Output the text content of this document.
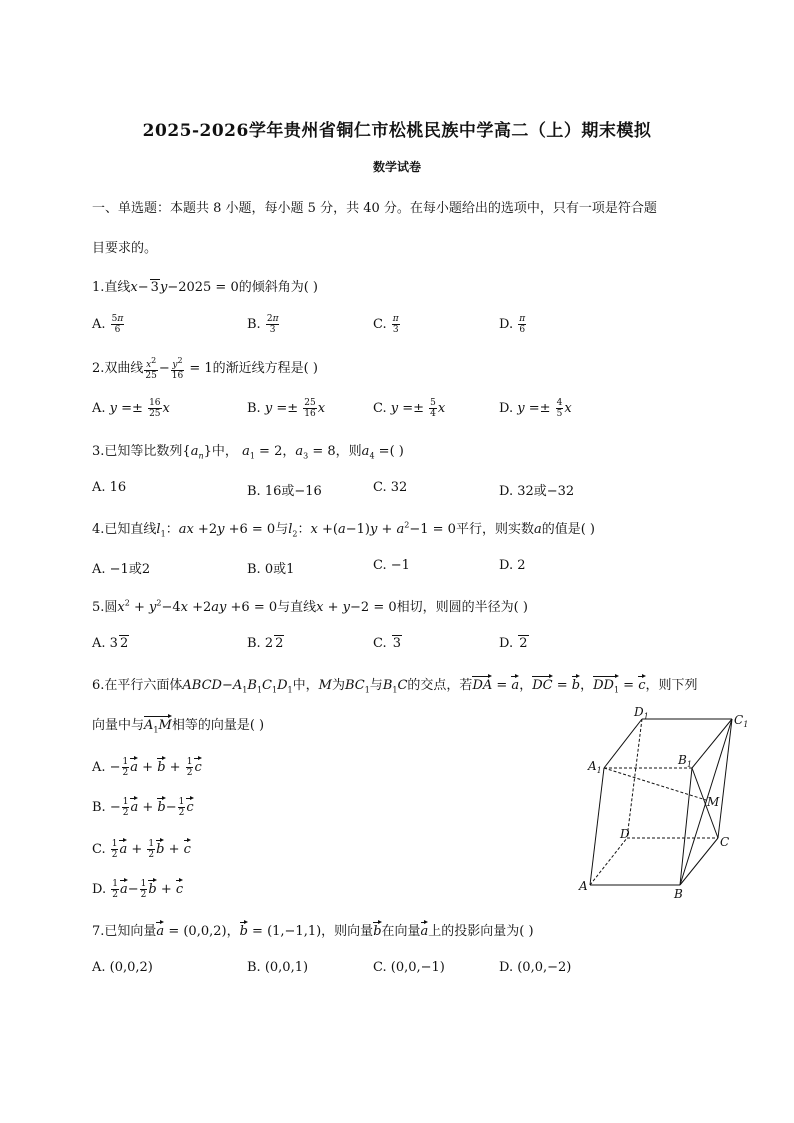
2025-2026学年贵州省铜仁市松桃民族中学高二（上）期末模拟
数学试卷
一、单选题：本题共 8 小题，每小题 5 分，共 40 分。在每小题给出的选项中，只有一项是符合题
目要求的。
1.直线x− 3y−2025 = 0的倾斜角为( )
A. $\frac{5\pi}{6}$	B. $\frac{2\pi}{3}$	C. $\frac{\pi}{3}$	D. $\frac{\pi}{6}$
2.双曲线 $\frac{x2}{25} - \frac{y2}{16} = 1$的渐近线方程是( )
A. $y =\pm \frac{16}{25}$ x	B. $y =\pm \frac{25}{16}$ x	C. $y =\pm \frac{5}{4}$ x	D. $y =\pm \frac{4}{5}$ x
3.已知等比数列$\{a_n\}$中， $a_1 = 2$，$a_3 = 8$，则$a_4$ =( )
A. 16	B. 16或−16	C. 32	D. 32或−32
4.已知直线$l_1$：ax +2y +6 = 0与$l_2$：$x +(a-1)y + a^2-1 = 0$平行，则实数a的值是( )
A. −1或2	B. 0或1	C. −1	D. 2
5.圆$x^2 + y^2-4x +2ay +6 = 0$与直线x + y−2 = 0相切，则圆的半径为( )
A. 3 2	B. 2 2	C. 3	D. 2
6.在平行六面体$ABCD-A_1B_1C_1D_1$中，M为$BC_1$与$B_1C$的交点，若DA = a，DC = b，$DD_1 = c$，则下列
向量中与$A_1M$相等的向量是( )
A. − $\frac{1}{2}$ $a + b + \frac{1}{2}$ c
B. − $\frac{1}{2}$ $a + b- \frac{1}{2}$ c
C. $\frac{1}{2}$ $a + \frac{1}{2}$ b + c
D. $\frac{1}{2} a- \frac{1}{2}$ b + c
$D_1$	$C_1$
$A_1$
$B_1$
M
D
C
A
B
7.已知向量a = (0,0,2)，b = (1,−1,1)，则向量b在向量a上的投影向量为( )
A. (0,0,2)	B. (0,0,1)	C. (0,0,−1)	D. (0,0,−2)
